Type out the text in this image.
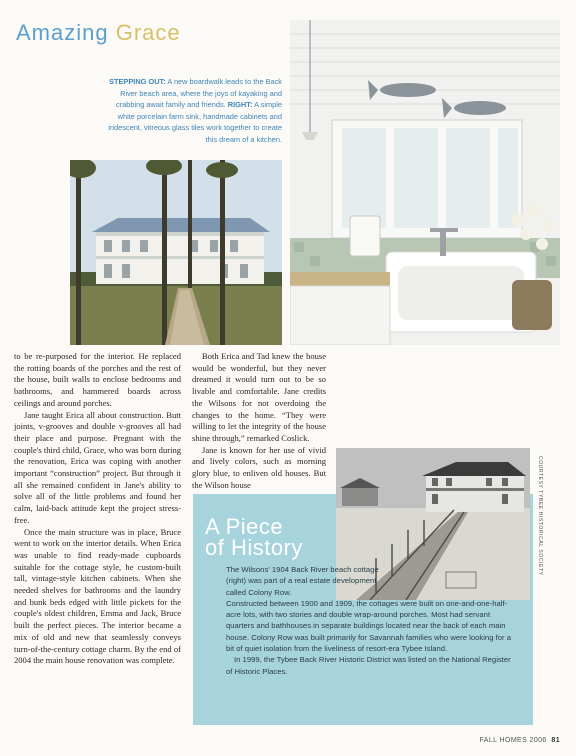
Amazing Grace
STEPPING OUT: A new boardwalk leads to the Back River beach area, where the joys of kayaking and crabbing await family and friends. RIGHT: A simple white porcelain farm sink, handmade cabinets and iridescent, vitreous glass tiles work together to create this dream of a kitchen.

to be re-purposed for the interior. He replaced the rotting boards of the porches and the rest of the house, built walls to enclose bedrooms and bathrooms, and hammered boards across ceilings and around porches.

Jane taught Erica all about construction. Butt joints, v-grooves and double v-grooves all had their place and purpose. Pregnant with the couple's third child, Grace, who was born during the renovation, Erica was coping with another important “construction” project. But through it all she remained confident in Jane's ability to solve all of the little problems and found her calm, laid-back attitude kept the project stress-free.

Once the main structure was in place, Bruce went to work on the interior details. When Erica was unable to find ready-made cupboards suitable for the cottage style, he custom-built tall, vintage-style kitchen cabinets. When she needed shelves for bathrooms and the laundry and bunk beds edged with little pickets for the couple's oldest children, Emma and Jack, Bruce built the perfect pieces. The interior became a mix of old and new that seamlessly conveys turn-of-the-century cottage charm. By the end of 2004 the main house renovation was complete.

Both Erica and Tad knew the house would be wonderful, but they never dreamed it would turn out to be so livable and comfortable. Jane credits the Wilsons for not overdoing the changes to the home. “They were willing to let the integrity of the house shine through,” remarked Coslick.

Jane is known for her use of vivid and lively colors, such as morning glory blue, to enliven old houses. But the Wilson house	COURTESY TYBEE HISTORICAL SOCIETY
A Piece
of History

The Wilsons' 1904 Back River beach cottage (right) was part of a real estate development called Colony Row.

Constructed between 1900 and 1909, the cottages were built on one-and-one-half-acre lots, with two stories and double wrap-around porches. Most had servant quarters and bathhouses in separate buildings located near the back of each main house. Colony Row was built primarily for Savannah families who were looking for a bit of quiet isolation from the liveliness of resort-era Tybee Island.

In 1999, the Tybee Back River Historic District was listed on the National Register of Historic Places.

FALL HOMES 2006 81
